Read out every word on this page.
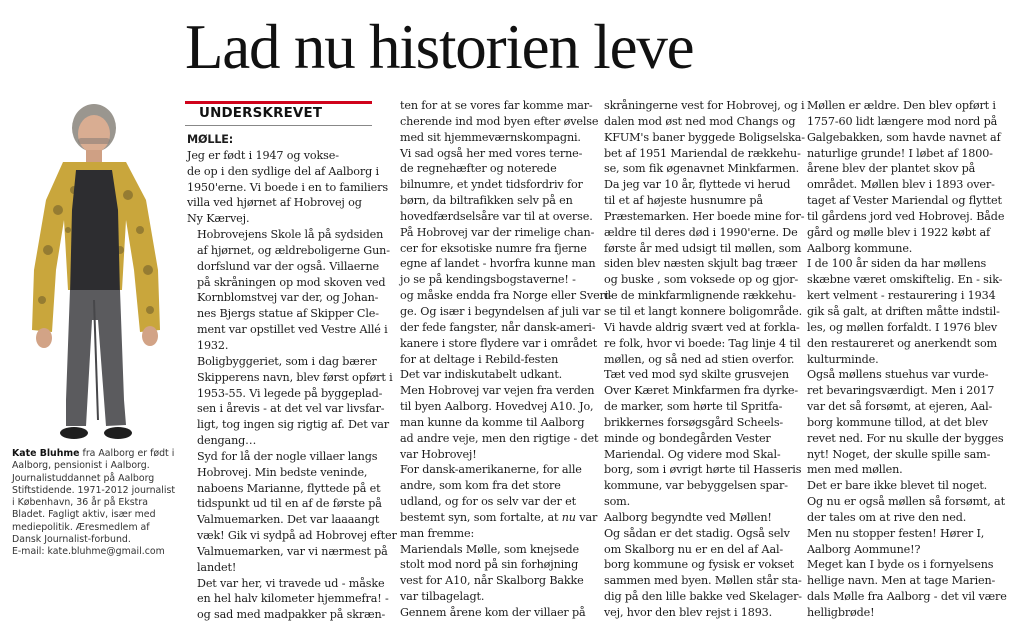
Lad nu historien leve
Kate Bluhme fra Aalborg er født i Aalborg, pensionist i Aalborg. Journalistuddannet på Aalborg Stiftstidende. 1971-2012 journalist i København, 36 år på Ekstra Bladet. Fagligt aktiv, især med mediepolitik. Æresmedlem af Dansk Journalist-forbund.
E-mail: kate.bluhme@gmail.com
UNDERSKREVET

MØLLE: Jeg er født i 1947 og vokse-
de op i den sydlige del af Aalborg i
1950'erne. Vi boede i en to familiers
villa ved hjørnet af Hobrovej og
Ny Kærvej.

Hobrovejens Skole lå på sydsiden
af hjørnet, og ældreboligerne Gun-
dorfslund var der også. Villaerne
på skråningen op mod skoven ved
Kornblomstvej var der, og Johan-
nes Bjergs statue af Skipper Cle-
ment var opstillet ved Vestre Allé i
1932.

Boligbyggeriet, som i dag bærer
Skipperens navn, blev først opført i
1953-55. Vi legede på byggeplad-
sen i årevis - at det vel var livsfar-
ligt, tog ingen sig rigtig af. Det var
dengang…

Syd for lå der nogle villaer langs
Hobrovej. Min bedste veninde,
naboens Marianne, flyttede på et
tidspunkt ud til en af de første på
Valmuemarken. Det var laaaangt
væk! Gik vi sydpå ad Hobrovej efter
Valmuemarken, var vi nærmest på
landet!

Det var her, vi travede ud - måske
en hel halv kilometer hjemmefra! -
og sad med madpakker på skræn-

ten for at se vores far komme mar-
cherende ind mod byen efter øvelse
med sit hjemmeværnskompagni.

Vi sad også her med vores terne-
de regnehæfter og noterede
bilnumre, et yndet tidsfordriv for
børn, da biltrafikken selv på en
hovedfærdselsåre var til at overse.
På Hobrovej var der rimelige chan-
cer for eksotiske numre fra fjerne
egne af landet - hvorfra kunne man
jo se på kendingsbogstaverne! -
og måske endda fra Norge eller Sveri-
ge. Og især i begyndelsen af juli var
der fede fangster, når dansk-ameri-
kanere i store flydere var i området
for at deltage i Rebild-festen

Det var indiskutabelt udkant.
Men Hobrovej var vejen fra verden
til byen Aalborg. Hovedvej A10. Jo,
man kunne da komme til Aalborg
ad andre veje, men den rigtige - det
var Hobrovej!

For dansk-amerikanerne, for alle
andre, som kom fra det store
udland, og for os selv var der et
bestemt syn, som fortalte, at nu var
man fremme:

Mariendals Mølle, som knejsede
stolt mod nord på sin forhøjning
vest for A10, når Skalborg Bakke
var tilbagelagt.

Gennem årene kom der villaer på

skråningerne vest for Hobrovej, og i
dalen mod øst ned mod Changs og
KFUM's baner byggede Boligselska-
bet af 1951 Mariendal de rækkehu-
se, som fik øgenavnet Minkfarmen.

Da jeg var 10 år, flyttede vi herud
til et af højeste husnumre på
Præstemarken. Her boede mine for-
ældre til deres død i 1990'erne. De
første år med udsigt til møllen, som
siden blev næsten skjult bag træer
og buske , som voksede op og gjor-
de de minkfarmlignende rækkehu-
se til et langt konnere boligområde.
Vi havde aldrig svært ved at forkla-
re folk, hvor vi boede: Tag linje 4 til
møllen, og så ned ad stien overfor.

Tæt ved mod syd skilte grusvejen
Over Kæret Minkfarmen fra dyrke-
de marker, som hørte til Spritfa-
brikkernes forsøgsgård Scheels-
minde og bondegården Vester
Mariendal. Og videre mod Skal-
borg, som i øvrigt hørte til Hasseris
kommune, var bebyggelsen spar-
som.

Aalborg begyndte ved Møllen!
Og sådan er det stadig. Også selv
om Skalborg nu er en del af Aal-
borg kommune og fysisk er vokset
sammen med byen. Møllen står sta-
dig på den lille bakke ved Skelager-
vej, hvor den blev rejst i 1893.

Møllen er ældre. Den blev opført i
1757-60 lidt længere mod nord på
Galgebakken, som havde navnet af
naturlige grunde! I løbet af 1800-
årene blev der plantet skov på
området. Møllen blev i 1893 over-
taget af Vester Mariendal og flyttet
til gårdens jord ved Hobrovej. Både
gård og mølle blev i 1922 købt af
Aalborg kommune.

I de 100 år siden da har møllens
skæbne været omskiftelig. En - sik-
kert velment - restaurering i 1934
gik så galt, at driften måtte indstil-
les, og møllen forfaldt. I 1976 blev
den restaureret og anerkendt som
kulturminde.

Også møllens stuehus var vurde-
ret bevaringsværdigt. Men i 2017
var det så forsømt, at ejeren, Aal-
borg kommune tillod, at det blev
revet ned. For nu skulle der bygges
nyt! Noget, der skulle spille sam-
men med møllen.

Det er bare ikke blevet til noget.
Og nu er også møllen så forsømt, at
der tales om at rive den ned.

Men nu stopper festen! Hører I,
Aalborg Aommune!?

Meget kan I byde os i fornyelsens
hellige navn. Men at tage Marien-
dals Mølle fra Aalborg - det vil være
helligbrøde!
